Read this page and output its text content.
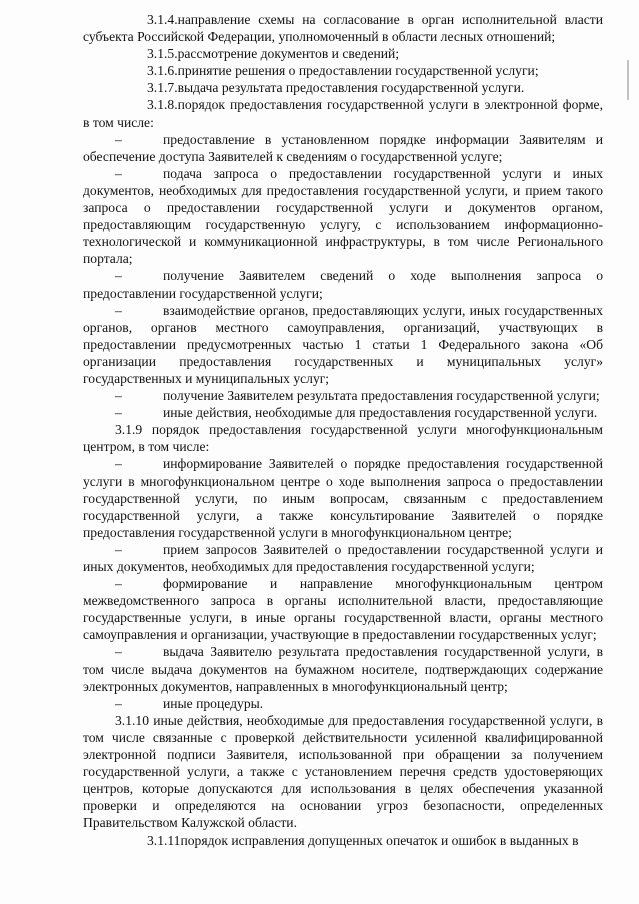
3.1.4.направление схемы на согласование в орган исполнительной власти субъекта Российской Федерации, уполномоченный в области лесных отношений;

3.1.5.рассмотрение документов и сведений;

3.1.6.принятие решения о предоставлении государственной услуги;

3.1.7.выдача результата предоставления государственной услуги.

3.1.8.порядок предоставления государственной услуги в электронной форме, в том числе:

–	предоставление в установленном порядке информации Заявителям и обеспечение доступа Заявителей к сведениям о государственной услуге;

–	подача запроса о предоставлении государственной услуги и иных документов, необходимых для предоставления государственной услуги, и прием такого запроса о предоставлении государственной услуги и документов органом, предоставляющим государственную услугу, с использованием информационно-технологической и коммуникационной инфраструктуры, в том числе Регионального портала;

–	получение Заявителем сведений о ходе выполнения запроса о предоставлении государственной услуги;

–	взаимодействие органов, предоставляющих услуги, иных государственных органов, органов местного самоуправления, организаций, участвующих в предоставлении предусмотренных частью 1 статьи 1 Федерального закона «Об организации предоставления государственных и муниципальных услуг» государственных и муниципальных услуг;

–	получение Заявителем результата предоставления государственной услуги;

–	иные действия, необходимые для предоставления государственной услуги.

3.1.9 порядок предоставления государственной услуги многофункциональным центром, в том числе:

–	информирование Заявителей о порядке предоставления государственной услуги в многофункциональном центре о ходе выполнения запроса о предоставлении государственной услуги, по иным вопросам, связанным с предоставлением государственной услуги, а также консультирование Заявителей о порядке предоставления государственной услуги в многофункциональном центре;

–	прием запросов Заявителей о предоставлении государственной услуги и иных документов, необходимых для предоставления государственной услуги;

–	формирование и направление многофункциональным центром межведомственного запроса в органы исполнительной власти, предоставляющие государственные услуги, в иные органы государственной власти, органы местного самоуправления и организации, участвующие в предоставлении государственных услуг;

–	выдача Заявителю результата предоставления государственной услуги, в том числе выдача документов на бумажном носителе, подтверждающих содержание электронных документов, направленных в многофункциональный центр;

–	иные процедуры.

3.1.10 иные действия, необходимые для предоставления государственной услуги, в том числе связанные с проверкой действительности усиленной квалифицированной электронной подписи Заявителя, использованной при обращении за получением государственной услуги, а также с установлением перечня средств удостоверяющих центров, которые допускаются для использования в целях обеспечения указанной проверки и определяются на основании угроз безопасности, определенных Правительством Калужской области.

3.1.11порядок исправления допущенных опечаток и ошибок в выданных в
